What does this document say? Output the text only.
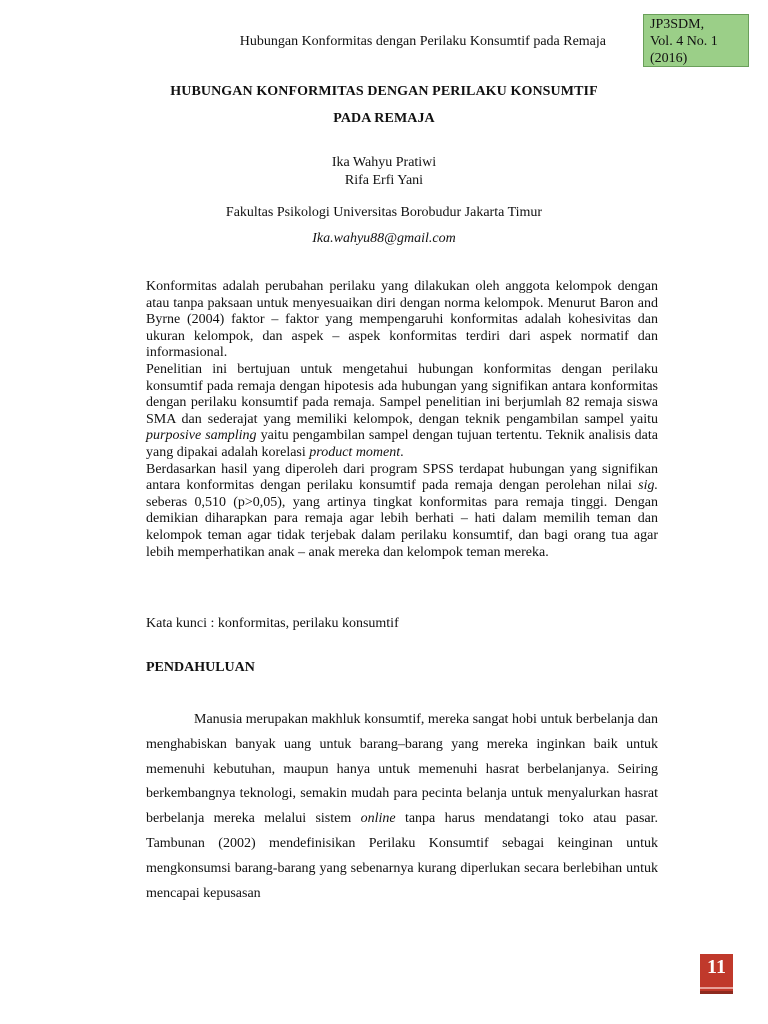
Hubungan Konformitas dengan Perilaku Konsumtif pada Remaja
JP3SDM,
Vol. 4 No. 1
(2016)
HUBUNGAN KONFORMITAS DENGAN PERILAKU KONSUMTIF
PADA REMAJA
Ika Wahyu Pratiwi
Rifa Erfi Yani
Fakultas Psikologi Universitas Borobudur Jakarta Timur
Ika.wahyu88@gmail.com

Konformitas adalah perubahan perilaku yang dilakukan oleh anggota kelompok dengan atau tanpa paksaan untuk menyesuaikan diri dengan norma kelompok. Menurut Baron and Byrne (2004) faktor – faktor yang mempengaruhi konformitas adalah kohesivitas dan ukuran kelompok, dan aspek – aspek konformitas terdiri dari aspek normatif dan informasional.

Penelitian ini bertujuan untuk mengetahui hubungan konformitas dengan perilaku konsumtif pada remaja dengan hipotesis ada hubungan yang signifikan antara konformitas dengan perilaku konsumtif pada remaja. Sampel penelitian ini berjumlah 82 remaja siswa SMA dan sederajat yang memiliki kelompok, dengan teknik pengambilan sampel yaitu purposive sampling yaitu pengambilan sampel dengan tujuan tertentu. Teknik analisis data yang dipakai adalah korelasi product moment.

Berdasarkan hasil yang diperoleh dari program SPSS terdapat hubungan yang signifikan antara konformitas dengan perilaku konsumtif pada remaja dengan perolehan nilai sig. seberas 0,510 (p>0,05), yang artinya tingkat konformitas para remaja tinggi. Dengan demikian diharapkan para remaja agar lebih berhati – hati dalam memilih teman dan kelompok teman agar tidak terjebak dalam perilaku konsumtif, dan bagi orang tua agar lebih memperhatikan anak – anak mereka dan kelompok teman mereka.

Kata kunci : konformitas, perilaku konsumtif
PENDAHULUAN

Manusia merupakan makhluk konsumtif, mereka sangat hobi untuk berbelanja dan menghabiskan banyak uang untuk barang–barang yang mereka inginkan baik untuk memenuhi kebutuhan, maupun hanya untuk memenuhi hasrat berbelanjanya. Seiring berkembangnya teknologi, semakin mudah para pecinta belanja untuk menyalurkan hasrat berbelanja mereka melalui sistem online tanpa harus mendatangi toko atau pasar. Tambunan (2002) mendefinisikan Perilaku Konsumtif sebagai keinginan untuk mengkonsumsi barang-barang yang sebenarnya kurang diperlukan secara berlebihan untuk mencapai kepusasan

11
